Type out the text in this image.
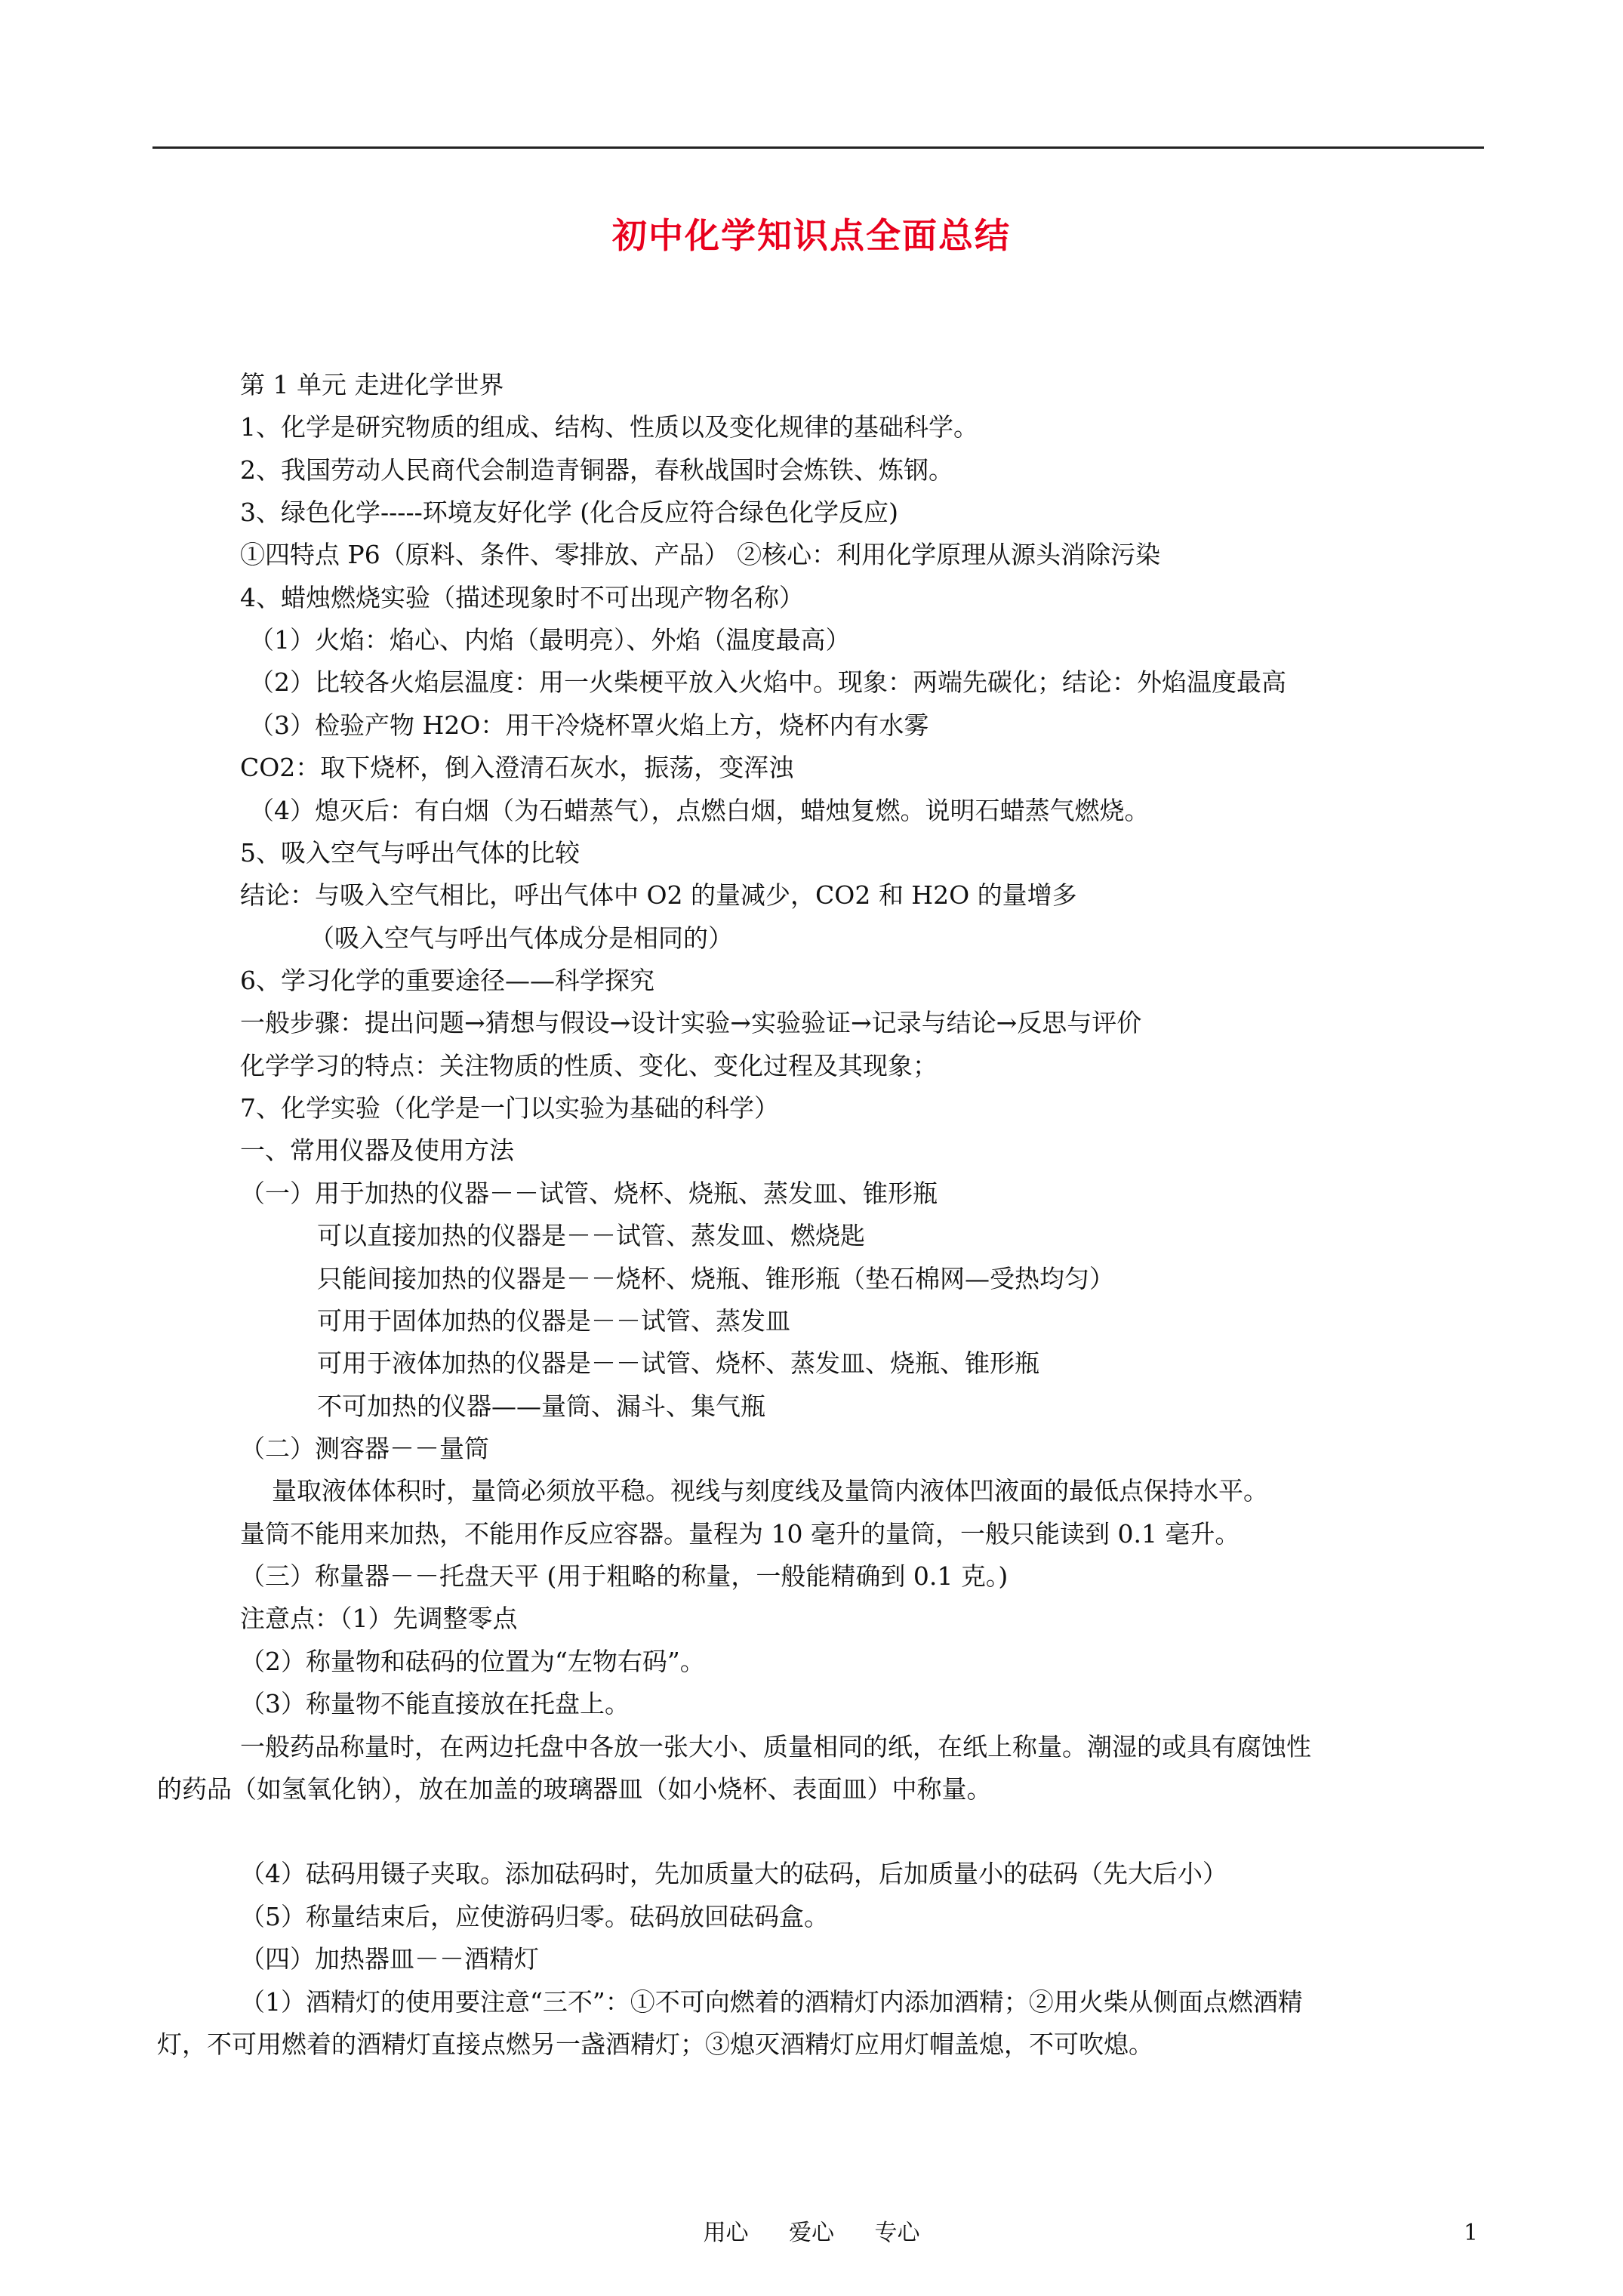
初中化学知识点全面总结
第 1 单元 走进化学世界
1、化学是研究物质的组成、结构、性质以及变化规律的基础科学。
2、我国劳动人民商代会制造青铜器，春秋战国时会炼铁、炼钢。
3、绿色化学-----环境友好化学 (化合反应符合绿色化学反应)
①四特点 P6（原料、条件、零排放、产品） ②核心：利用化学原理从源头消除污染
4、蜡烛燃烧实验（描述现象时不可出现产物名称）
（1）火焰：焰心、内焰（最明亮）、外焰（温度最高）
（2）比较各火焰层温度：用一火柴梗平放入火焰中。现象：两端先碳化；结论：外焰温度最高
（3）检验产物 H2O：用干冷烧杯罩火焰上方，烧杯内有水雾
CO2：取下烧杯，倒入澄清石灰水，振荡，变浑浊
（4）熄灭后：有白烟（为石蜡蒸气），点燃白烟，蜡烛复燃。说明石蜡蒸气燃烧。
5、吸入空气与呼出气体的比较
结论：与吸入空气相比，呼出气体中 O2 的量减少，CO2 和 H2O 的量增多
（吸入空气与呼出气体成分是相同的）
6、学习化学的重要途径——科学探究
一般步骤：提出问题→猜想与假设→设计实验→实验验证→记录与结论→反思与评价
化学学习的特点：关注物质的性质、变化、变化过程及其现象；
7、化学实验（化学是一门以实验为基础的科学）
一、常用仪器及使用方法
（一）用于加热的仪器－－试管、烧杯、烧瓶、蒸发皿、锥形瓶
可以直接加热的仪器是－－试管、蒸发皿、燃烧匙
只能间接加热的仪器是－－烧杯、烧瓶、锥形瓶（垫石棉网—受热均匀）
可用于固体加热的仪器是－－试管、蒸发皿
可用于液体加热的仪器是－－试管、烧杯、蒸发皿、烧瓶、锥形瓶
不可加热的仪器——量筒、漏斗、集气瓶
（二）测容器－－量筒
量取液体体积时，量筒必须放平稳。视线与刻度线及量筒内液体凹液面的最低点保持水平。
量筒不能用来加热，不能用作反应容器。量程为 10 毫升的量筒，一般只能读到 0.1 毫升。
（三）称量器－－托盘天平 (用于粗略的称量，一般能精确到 0.1 克。)
注意点：（1）先调整零点
（2）称量物和砝码的位置为“左物右码”。
（3）称量物不能直接放在托盘上。
一般药品称量时，在两边托盘中各放一张大小、质量相同的纸，在纸上称量。潮湿的或具有腐蚀性
的药品（如氢氧化钠），放在加盖的玻璃器皿（如小烧杯、表面皿）中称量。
（4）砝码用镊子夹取。添加砝码时，先加质量大的砝码，后加质量小的砝码（先大后小）
（5）称量结束后，应使游码归零。砝码放回砝码盒。
（四）加热器皿－－酒精灯
（1）酒精灯的使用要注意“三不”：①不可向燃着的酒精灯内添加酒精；②用火柴从侧面点燃酒精
灯，不可用燃着的酒精灯直接点燃另一盏酒精灯；③熄灭酒精灯应用灯帽盖熄，不可吹熄。
用心 爱心 专心	1
